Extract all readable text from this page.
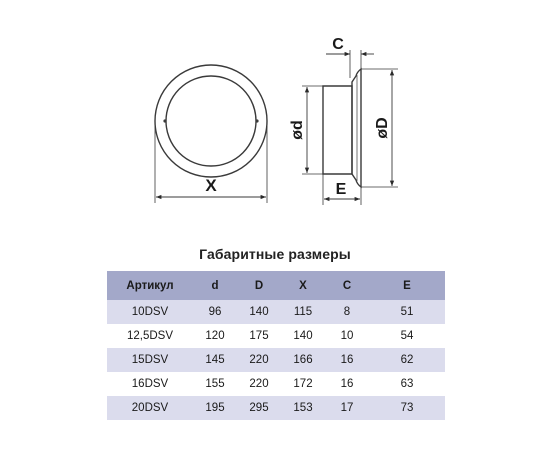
X
C
ød	øD
E
Габаритные размеры
Артикул	d	D	X	C	E
10DSV	96	140	115	8	51
12,5DSV	120	175	140	10	54
15DSV	145	220	166	16	62
16DSV	155	220	172	16	63
20DSV	195	295	153	17	73
